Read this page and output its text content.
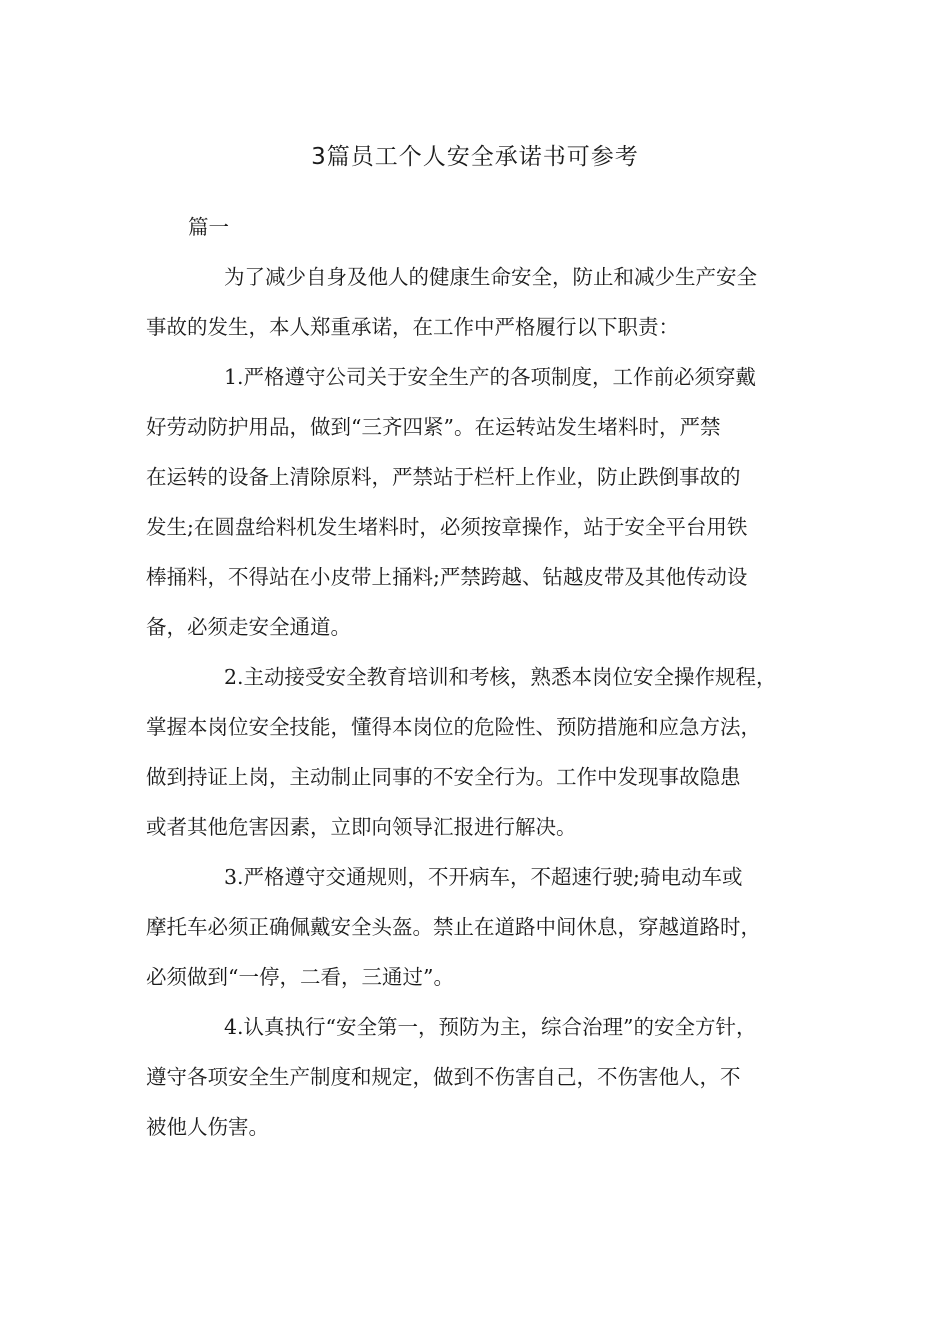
3篇员工个人安全承诺书可参考
篇一
为了减少自身及他人的健康生命安全，防止和减少生产安全
事故的发生，本人郑重承诺，在工作中严格履行以下职责：
1.严格遵守公司关于安全生产的各项制度，工作前必须穿戴
好劳动防护用品，做到“三齐四紧”。在运转站发生堵料时，严禁
在运转的设备上清除原料，严禁站于栏杆上作业，防止跌倒事故的
发生;在圆盘给料机发生堵料时，必须按章操作，站于安全平台用铁
棒捅料，不得站在小皮带上捅料;严禁跨越、钻越皮带及其他传动设
备，必须走安全通道。
2.主动接受安全教育培训和考核，熟悉本岗位安全操作规程，
掌握本岗位安全技能，懂得本岗位的危险性、预防措施和应急方法，
做到持证上岗，主动制止同事的不安全行为。工作中发现事故隐患
或者其他危害因素，立即向领导汇报进行解决。
3.严格遵守交通规则，不开病车，不超速行驶;骑电动车或
摩托车必须正确佩戴安全头盔。禁止在道路中间休息，穿越道路时，
必须做到“一停，二看，三通过”。
4.认真执行“安全第一，预防为主，综合治理”的安全方针，
遵守各项安全生产制度和规定，做到不伤害自己，不伤害他人，不
被他人伤害。
